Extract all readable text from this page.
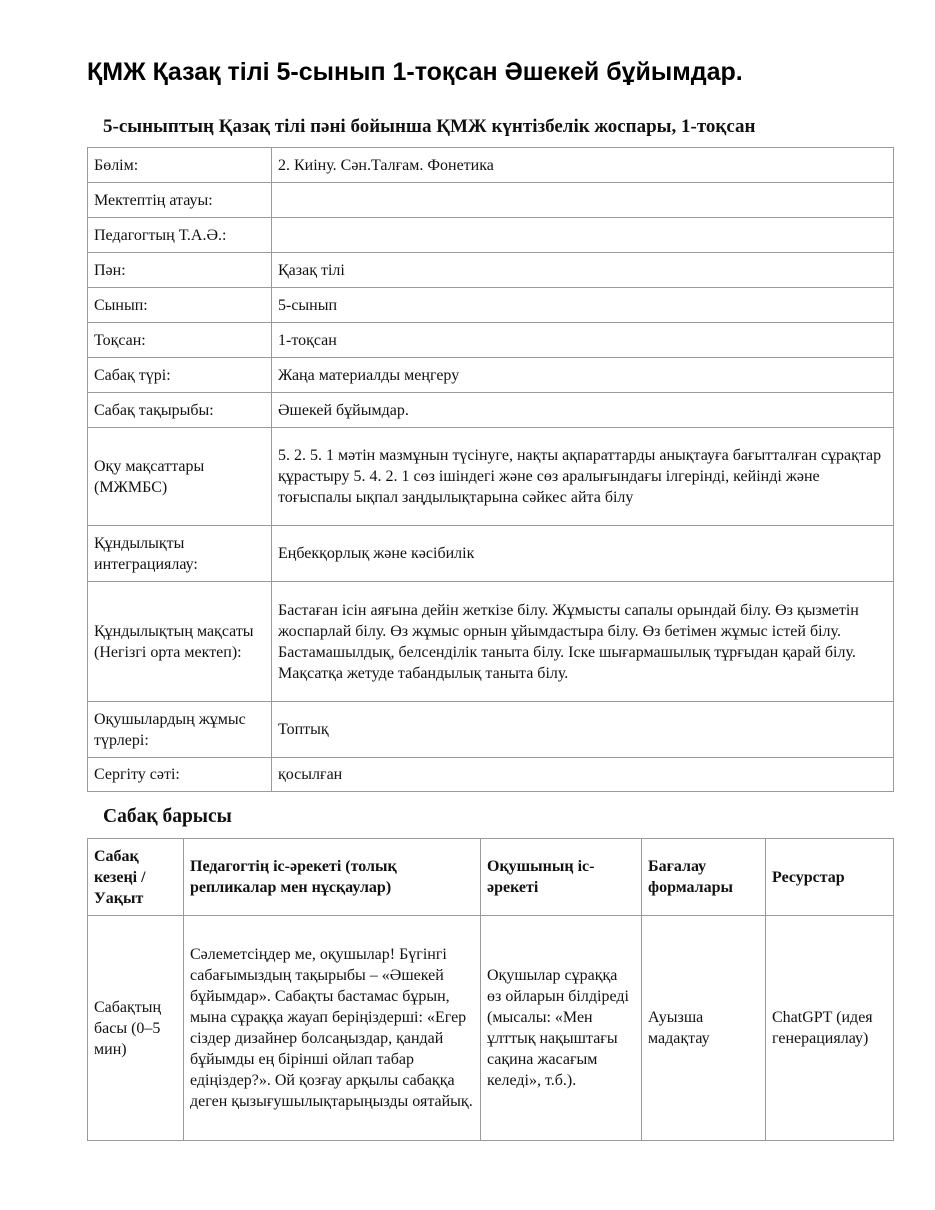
ҚМЖ Қазақ тілі 5-сынып 1-тоқсан Әшекей бұйымдар.
5-сыныптың Қазақ тілі пәні бойынша ҚМЖ күнтізбелік жоспары, 1-тоқсан
Бөлім:	2. Киіну. Сән.Талғам. Фонетика
Мектептің атауы:	
Педагогтың Т.А.Ә.:	
Пән:	Қазақ тілі
Сынып:	5-сынып
Тоқсан:	1-тоқсан
Сабақ түрі:	Жаңа материалды меңгеру
Сабақ тақырыбы:	Әшекей бұйымдар.
Оқу мақсаттары (МЖМБС)	5. 2. 5. 1 мәтін мазмұнын түсінуге, нақты ақпараттарды анықтауға бағытталған сұрақтар құрастыру 5. 4. 2. 1 сөз ішіндегі және сөз аралығындағы ілгерінді, кейінді және тоғыспалы ықпал заңдылықтарына сәйкес айта білу
Құндылықты интеграциялау:	Еңбекқорлық және кәсібилік
Құндылықтың мақсаты (Негізгі орта мектеп):	Бастаған ісін аяғына дейін жеткізе білу. Жұмысты сапалы орындай білу. Өз қызметін жоспарлай білу. Өз жұмыс орнын ұйымдастыра білу. Өз бетімен жұмыс істей білу. Бастамашылдық, белсенділік таныта білу. Іске шығармашылық тұрғыдан қарай білу. Мақсатқа жетуде табандылық таныта білу.
Оқушылардың жұмыс түрлері:	Топтық
Сергіту сәті:	қосылған
Сабақ барысы
Сабақ кезеңі / Уақыт	Педагогтің іс-әрекеті (толық репликалар мен нұсқаулар)	Оқушының іс-әрекеті	Бағалау формалары	Ресурстар
Сабақтың басы (0–5 мин)	Сәлеметсіңдер ме, оқушылар! Бүгінгі сабағымыздың тақырыбы – «Әшекей бұйымдар». Сабақты бастамас бұрын, мына сұраққа жауап беріңіздерші: «Егер сіздер дизайнер болсаңыздар, қандай бұйымды ең бірінші ойлап табар едіңіздер?». Ой қозғау арқылы сабаққа деген қызығушылықтарыңызды оятайық.	Оқушылар сұраққа өз ойларын білдіреді (мысалы: «Мен ұлттық нақыштағы сақина жасағым келеді», т.б.).	Ауызша мадақтау	ChatGPT (идея генерациялау)
